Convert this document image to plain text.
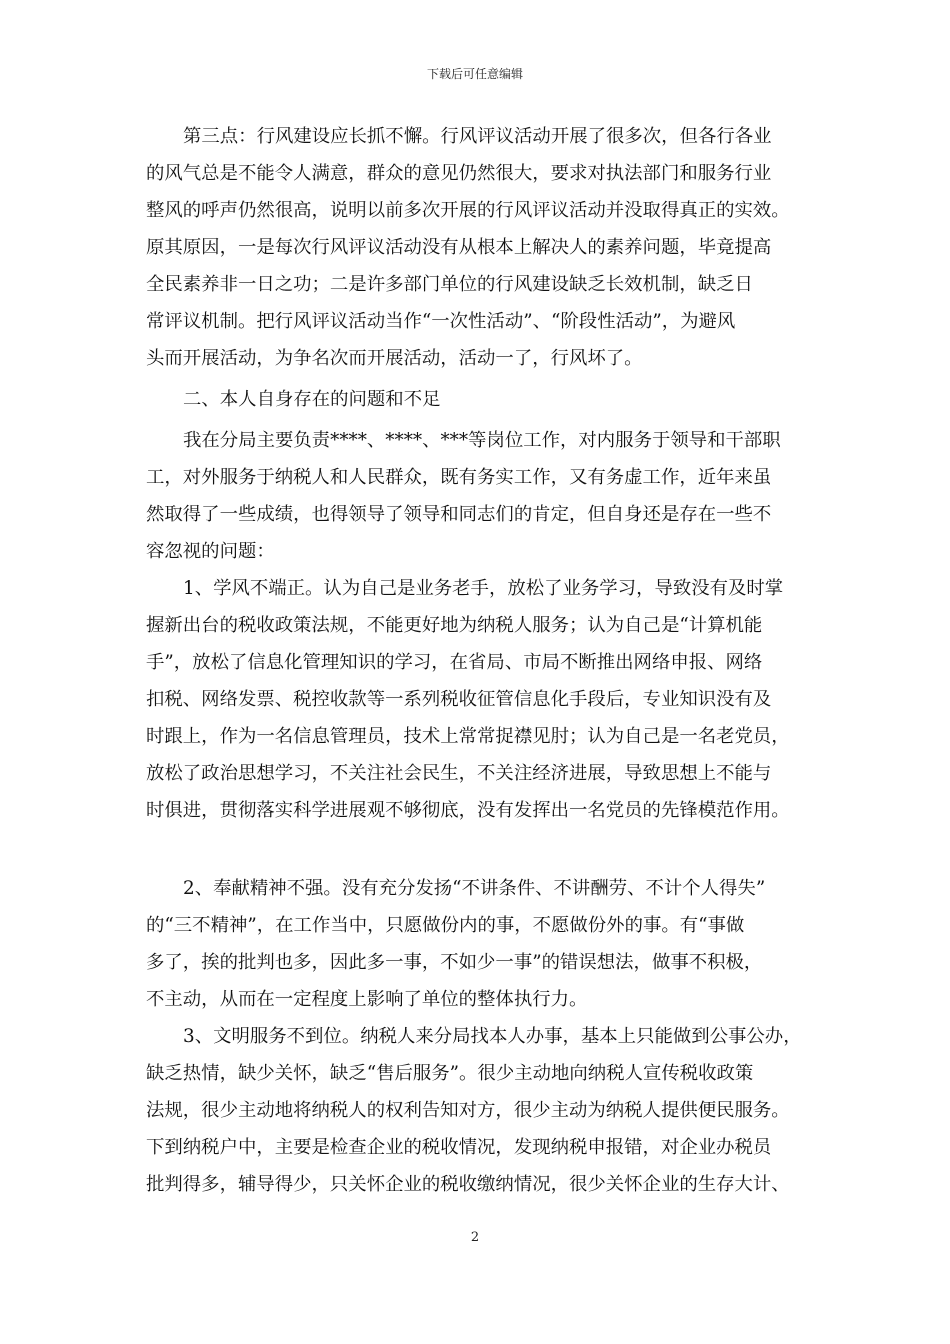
下载后可任意编辑
第三点：行风建设应长抓不懈。行风评议活动开展了很多次，但各行各业
的风气总是不能令人满意，群众的意见仍然很大，要求对执法部门和服务行业
整风的呼声仍然很高，说明以前多次开展的行风评议活动并没取得真正的实效。
原其原因，一是每次行风评议活动没有从根本上解决人的素养问题，毕竟提高
全民素养非一日之功；二是许多部门单位的行风建设缺乏长效机制，缺乏日
常评议机制。把行风评议活动当作“一次性活动”、“阶段性活动”，为避风
头而开展活动，为争名次而开展活动，活动一了，行风坏了。
二、本人自身存在的问题和不足
我在分局主要负责****、****、***等岗位工作，对内服务于领导和干部职
工，对外服务于纳税人和人民群众，既有务实工作，又有务虚工作，近年来虽
然取得了一些成绩，也得领导了领导和同志们的肯定，但自身还是存在一些不
容忽视的问题：
1、学风不端正。认为自己是业务老手，放松了业务学习，导致没有及时掌
握新出台的税收政策法规，不能更好地为纳税人服务；认为自己是“计算机能
手”，放松了信息化管理知识的学习，在省局、市局不断推出网络申报、网络
扣税、网络发票、税控收款等一系列税收征管信息化手段后，专业知识没有及
时跟上，作为一名信息管理员，技术上常常捉襟见肘；认为自己是一名老党员，
放松了政治思想学习，不关注社会民生，不关注经济进展，导致思想上不能与
时俱进，贯彻落实科学进展观不够彻底，没有发挥出一名党员的先锋模范作用。
2、奉献精神不强。没有充分发扬“不讲条件、不讲酬劳、不计个人得失”
的“三不精神”，在工作当中，只愿做份内的事，不愿做份外的事。有“事做
多了，挨的批判也多，因此多一事，不如少一事”的错误想法，做事不积极，
不主动，从而在一定程度上影响了单位的整体执行力。
3、文明服务不到位。纳税人来分局找本人办事，基本上只能做到公事公办，
缺乏热情，缺少关怀，缺乏“售后服务”。很少主动地向纳税人宣传税收政策
法规，很少主动地将纳税人的权利告知对方，很少主动为纳税人提供便民服务。
下到纳税户中，主要是检查企业的税收情况，发现纳税申报错，对企业办税员
批判得多，辅导得少，只关怀企业的税收缴纳情况，很少关怀企业的生存大计、
2
